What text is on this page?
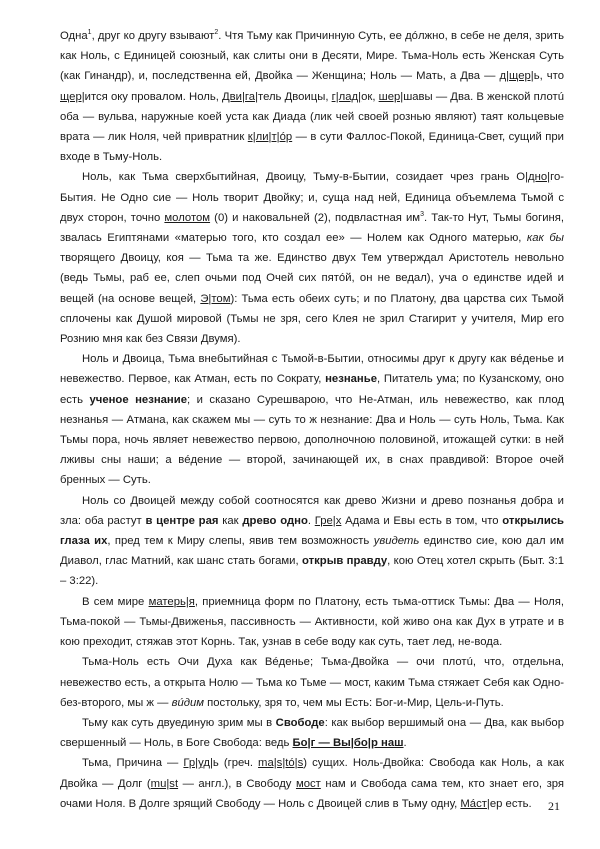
Одна$^1$, друг ко другу взывают$^2$. Чтя Тьму как Причинную Суть, ее дóлжно, в себе не деля, зрить как Ноль, с Единицей союзный, как слиты они в Десяти, Мире. Тьма-Ноль есть Женская Суть (как Гинандр), и, последственна ей, Двойка — Женщина; Ноль — Мать, а Два — д|щер|ь, что щер|ится оку провалом. Ноль, Дви|га|тель Двоицы, г|лад|ок, шер|шавы — Два. В женской плотú оба — вульва, наружные коей уста как Диада (лик чей своей рознью являют) таят кольцевые врата — лик Ноля, чей привратник к|ли|т|óр — в сути Фаллос-Покой, Единица-Свет, сущий при входе в Тьму-Ноль.

Ноль, как Тьма сверхбытийная, Двоицу, Тьму-в-Бытии, созидает чрез грань О|дно|го-Бытия. Не Одно сие — Ноль творит Двойку; и, суща над ней, Единица объемлема Тьмой с двух сторон, точно молотом (0) и наковальней (2), подвластная $им^3$. Так-то Нут, Тьмы богиня, звалась Египтянами «матерью того, кто создал ее» — Нолем как Одного матерью, как бы творящего Двоицу, коя — Тьма та же. Единство двух Тем утверждал Аристотель невольно (ведь Тьмы, раб ее, слеп очьми под Очей сих пятóй, он не ведал), уча о единстве идей и вещей (на основе вещей, Э|том): Тьма есть обеих суть; и по Платону, два царства сих Тьмой сплочены как Душой мировой (Тьмы не зря, сего Клея не зрил Стагирит у учителя, Мир его Рознию мня как без Связи Двумя).

Ноль и Двоица, Тьма внебытийная с Тьмой-в-Бытии, относимы друг к другу как вéденье и невежество. Первое, как Атман, есть по Сократу, незнанье, Питатель ума; по Кузанскому, оно есть ученое незнание; и сказано Сурешварою, что Не-Атман, иль невежество, как плод незнанья — Атмана, как скажем мы — суть то ж незнание: Два и Ноль — суть Ноль, Тьма. Как Тьмы пора, ночь являет невежество первою, дополночною половиной, итожащей сутки: в ней лживы сны наши; а вéдение — второй, зачинающей их, в снах правдивой: Второе очей бренных — Суть.

Ноль со Двоицей между собой соотносятся как древо Жизни и древо познанья добра и зла: оба растут в центре рая как древо одно. Гре|х Адама и Евы есть в том, что открылись глаза их, пред тем к Миру слепы, явив тем возможность увидеть единство сие, кою дал им Диавол, глас Матний, как шанс стать богами, открыв правду, кою Отец хотел скрыть (Быт. 3:1 – 3:22).

В сем мире матерь|я, приемница форм по Платону, есть тьма-оттиск Тьмы: Два — Ноля, Тьма-покой — Тьмы-Движенья, пассивность — Активности, кой живо она как Дух в утрате и в кою преходит, стяжав этот Корнь. Так, узнав в себе воду как суть, тает лед, не-вода.

Тьма-Ноль есть Очи Духа как Вéденье; Тьма-Двойка — очи плотú, что, отдельна, невежество есть, а открыта Нолю — Тьма ко Тьме — мост, каким Тьма стяжает Себя как Одно-без-второго, мы ж — вúдим постольку, зря то, чем мы Есть: Бог-и-Мир, Цель-и-Путь.

Тьму как суть двуединую зрим мы в Свободе: как выбор вершимый она — Два, как выбор свершенный — Ноль, в Боге Свобода: ведь Бо|г — Вы|бо|р наш.

Тьма, Причина — Гр|уд|ь (греч. ma|s|tó|s) сущих. Ноль-Двойка: Свобода как Ноль, а как Двойка — Долг (mu|st — англ.), в Свободу мост нам и Свобода сама тем, кто знает его, зря очами Ноля. В Долге зрящий Свободу — Ноль с Двоицей слив в Тьму одну, Мáст|ер есть.	21
